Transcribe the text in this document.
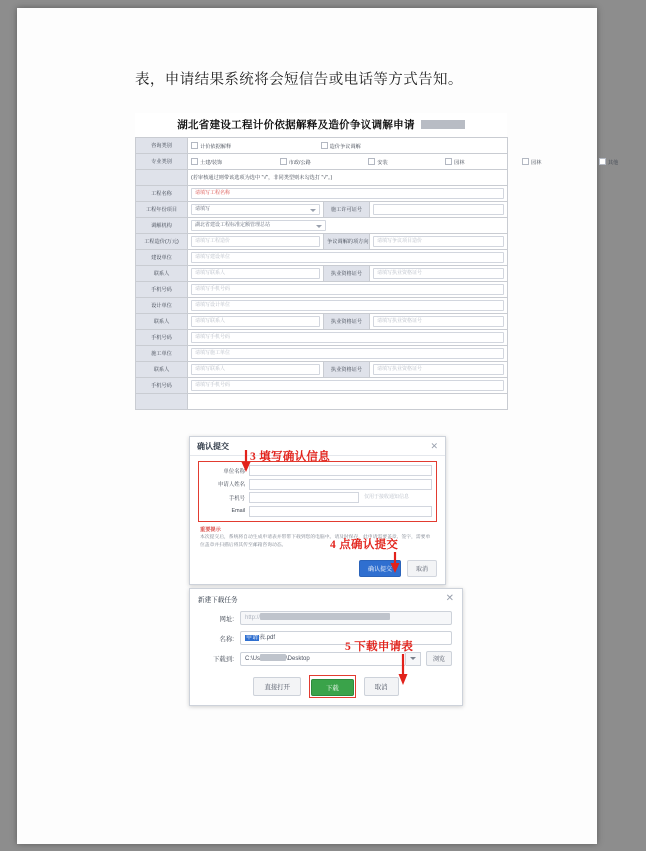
表，申请结果系统将会短信告或电话等方式告知。
湖北省建设工程计价依据解释及造价争议调解申请
咨询类别	计价依据解释 造价争议调解		
专业类别	土建/装饰 市政/公路 安装 园林 园林 其他		
	(若审核通过则带该选项为选中 "√"，非同类型则未勾选打 "√"。)		
工程名称	请填写工程名称		

工程年份项目	请填写	施工许可证号	

调解机构	湖北省建设工程标准定额管理总站		

工程造价(万元)	请填写工程造价	争议调解的项方向	请填写争议项目造价

建设单位	请填写建设单位		

联系人	请填写联系人	执业资格证号	请填写执业资格证号

手机号码	请填写手机号码		

设计单位	请填写设计单位		

联系人	请填写联系人	执业资格证号	请填写执业资格证号

手机号码	请填写手机号码		

施工单位	请填写施工单位		

联系人	请填写联系人	执业资格证号	请填写执业资格证号

手机号码	请填写手机号码		

确认提交	✕
单位名称
申请人姓名
手机号	仅用于接收通知信息
Email
重要提示
本次提交后，系统将自动生成申请表并带带下载到您的电脑中。请及时保存，此申请需要盖章、签字，需要单位盖章并扫描后将其传至邮箱咨询动态。
确认提交	取消
新建下载任务	✕
网址:	http://
名称:	申请表.pdf
下载到:	C:\Us	\Desktop	浏览
直接打开	下载	取消
3 填写确认信息
4 点确认提交
5 下载申请表
